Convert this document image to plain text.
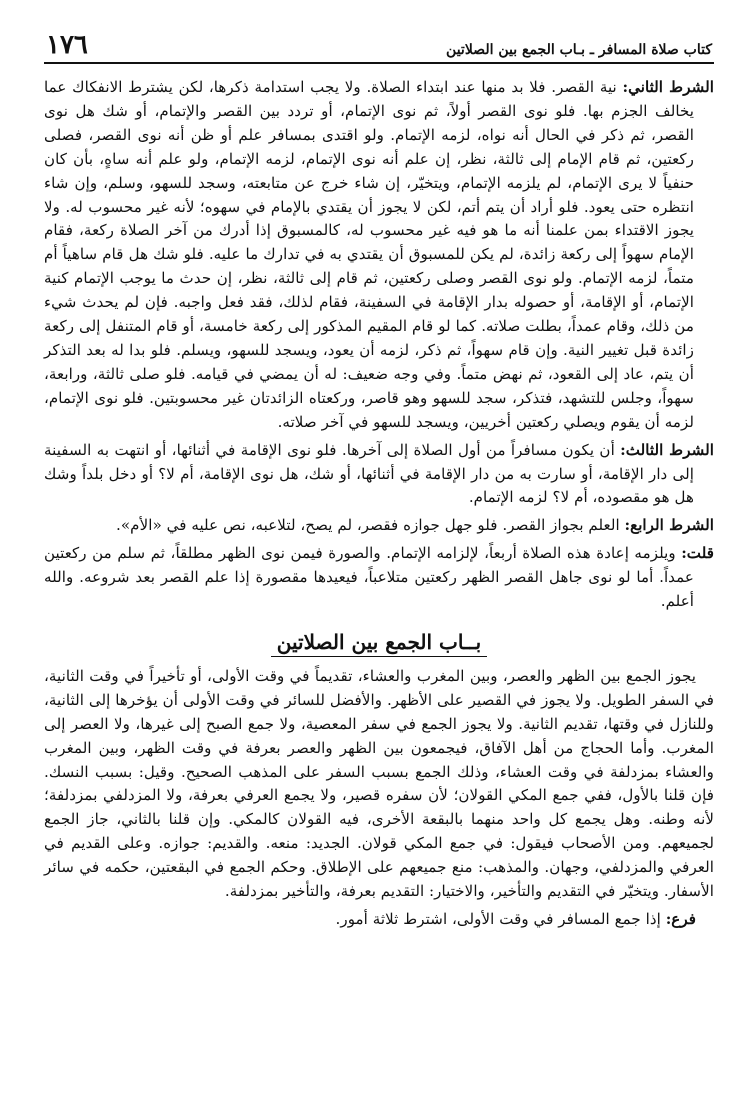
كتاب صلاة المسافر ـ بـاب الجمع بين الصلاتين
١٧٦

الشرط الثاني: نية القصر. فلا بد منها عند ابتداء الصلاة. ولا يجب استدامة ذكرها، لكن يشترط الانفكاك عما يخالف الجزم بها. فلو نوى القصر أولاً، ثم نوى الإتمام، أو تردد بين القصر والإتمام، أو شك هل نوى القصر، ثم ذكر في الحال أنه نواه، لزمه الإتمام. ولو اقتدى بمسافر علم أو ظن أنه نوى القصر، فصلى ركعتين، ثم قام الإمام إلى ثالثة، نظر، إن علم أنه نوى الإتمام، لزمه الإتمام، ولو علم أنه ساهٍ، بأن كان حنفياً لا يرى الإتمام، لم يلزمه الإتمام، ويتخيّر، إن شاء خرج عن متابعته، وسجد للسهو، وسلم، وإن شاء انتظره حتى يعود. فلو أراد أن يتم أتم، لكن لا يجوز أن يقتدي بالإمام في سهوه؛ لأنه غير محسوب له. ولا يجوز الاقتداء بمن علمنا أنه ما هو فيه غير محسوب له، كالمسبوق إذا أدرك من آخر الصلاة ركعة، فقام الإمام سهواً إلى ركعة زائدة، لم يكن للمسبوق أن يقتدي به في تدارك ما عليه. فلو شك هل قام ساهياً أم متماً، لزمه الإتمام. ولو نوى القصر وصلى ركعتين، ثم قام إلى ثالثة، نظر، إن حدث ما يوجب الإتمام كنية الإتمام، أو الإقامة، أو حصوله بدار الإقامة في السفينة، فقام لذلك، فقد فعل واجبه. فإن لم يحدث شيء من ذلك، وقام عمداً، بطلت صلاته. كما لو قام المقيم المذكور إلى ركعة خامسة، أو قام المتنفل إلى ركعة زائدة قبل تغيير النية. وإن قام سهواً، ثم ذكر، لزمه أن يعود، ويسجد للسهو، ويسلم. فلو بدا له بعد التذكر أن يتم، عاد إلى القعود، ثم نهض متماً. وفي وجه ضعيف: له أن يمضي في قيامه. فلو صلى ثالثة، ورابعة، سهواً، وجلس للتشهد، فتذكر، سجد للسهو وهو قاصر، وركعتاه الزائدتان غير محسوبتين. فلو نوى الإتمام، لزمه أن يقوم ويصلي ركعتين أخريين، ويسجد للسهو في آخر صلاته.

الشرط الثالث: أن يكون مسافراً من أول الصلاة إلى آخرها. فلو نوى الإقامة في أثنائها، أو انتهت به السفينة إلى دار الإقامة، أو سارت به من دار الإقامة في أثنائها، أو شك، هل نوى الإقامة، أم لا؟ أو دخل بلداً وشك هل هو مقصوده، أم لا؟ لزمه الإتمام.

الشرط الرابع: العلم بجواز القصر. فلو جهل جوازه فقصر، لم يصح، لتلاعبه، نص عليه في «الأم».

قلت: ويلزمه إعادة هذه الصلاة أربعاً، لإلزامه الإتمام. والصورة فيمن نوى الظهر مطلقاً، ثم سلم من ركعتين عمداً. أما لو نوى جاهل القصر الظهر ركعتين متلاعباً، فيعيدها مقصورة إذا علم القصر بعد شروعه. والله أعلم.

بــاب الجمع بين الصلاتين

يجوز الجمع بين الظهر والعصر، وبين المغرب والعشاء، تقديماً في وقت الأولى، أو تأخيراً في وقت الثانية، في السفر الطويل. ولا يجوز في القصير على الأظهر. والأفضل للسائر في وقت الأولى أن يؤخرها إلى الثانية، وللنازل في وقتها، تقديم الثانية. ولا يجوز الجمع في سفر المعصية، ولا جمع الصبح إلى غيرها، ولا العصر إلى المغرب. وأما الحجاج من أهل الآفاق، فيجمعون بين الظهر والعصر بعرفة في وقت الظهر، وبين المغرب والعشاء بمزدلفة في وقت العشاء، وذلك الجمع بسبب السفر على المذهب الصحيح. وقيل: بسبب النسك. فإن قلنا بالأول، ففي جمع المكي القولان؛ لأن سفره قصير، ولا يجمع العرفي بعرفة، ولا المزدلفي بمزدلفة؛ لأنه وطنه. وهل يجمع كل واحد منهما بالبقعة الأخرى، فيه القولان كالمكي. وإن قلنا بالثاني، جاز الجمع لجميعهم. ومن الأصحاب فيقول: في جمع المكي قولان. الجديد: منعه. والقديم: جوازه. وعلى القديم في العرفي والمزدلفي، وجهان. والمذهب: منع جميعهم على الإطلاق. وحكم الجمع في البقعتين، حكمه في سائر الأسفار. ويتخيّر في التقديم والتأخير، والاختيار: التقديم بعرفة، والتأخير بمزدلفة.

فرع: إذا جمع المسافر في وقت الأولى، اشترط ثلاثة أمور.
